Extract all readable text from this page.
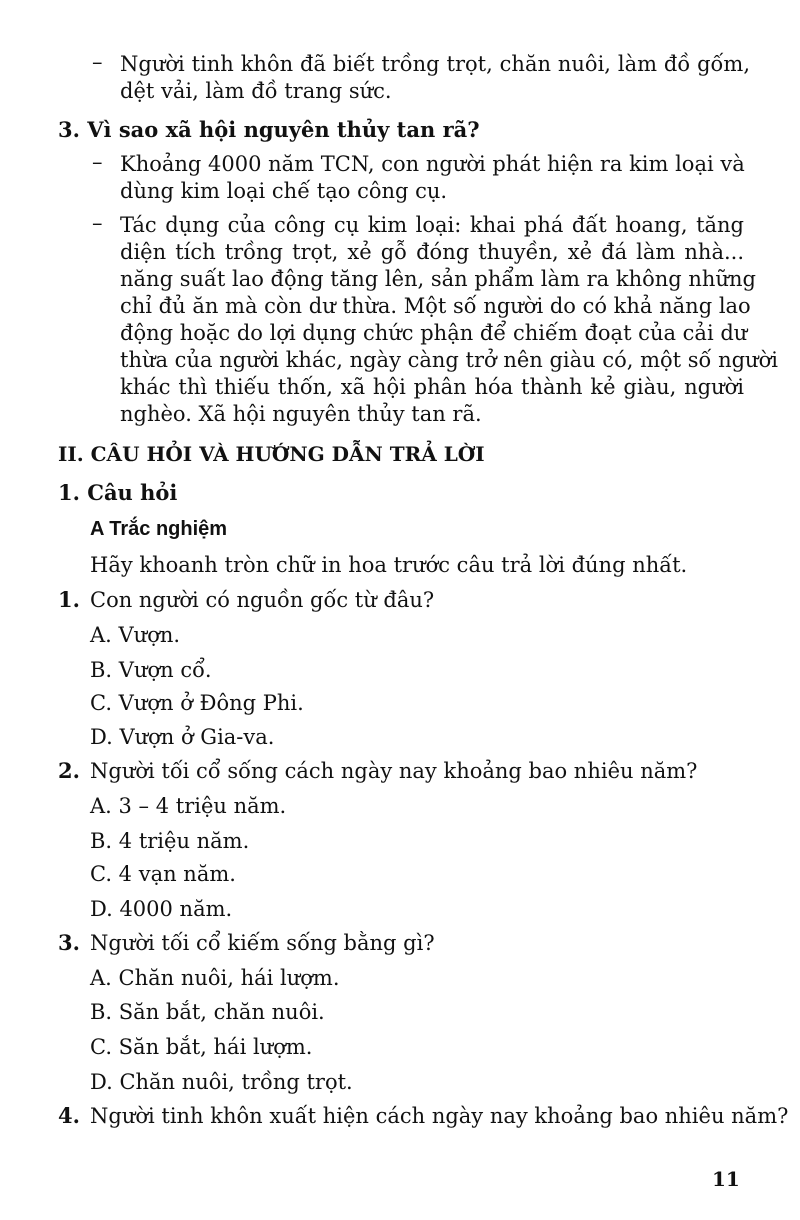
– Người tinh khôn đã biết trồng trọt, chăn nuôi, làm đồ gốm,
dệt vải, làm đồ trang sức.
3. Vì sao xã hội nguyên thủy tan rã?
– Khoảng 4000 năm TCN, con người phát hiện ra kim loại và
dùng kim loại chế tạo công cụ.
– Tác dụng của công cụ kim loại: khai phá đất hoang, tăng
diện tích trồng trọt, xẻ gỗ đóng thuyền, xẻ đá làm nhà...
năng suất lao động tăng lên, sản phẩm làm ra không những
chỉ đủ ăn mà còn dư thừa. Một số người do có khả năng lao
động hoặc do lợi dụng chức phận để chiếm đoạt của cải dư
thừa của người khác, ngày càng trở nên giàu có, một số người
khác thì thiếu thốn, xã hội phân hóa thành kẻ giàu, người
nghèo. Xã hội nguyên thủy tan rã.
II. CÂU HỎI VÀ HƯỚNG DẪN TRẢ LỜI
1. Câu hỏi
A Trắc nghiệm
Hãy khoanh tròn chữ in hoa trước câu trả lời đúng nhất.
1. Con người có nguồn gốc từ đâu?
A. Vượn.
B. Vượn cổ.
C. Vượn ở Đông Phi.
D. Vượn ở Gia-va.
2. Người tối cổ sống cách ngày nay khoảng bao nhiêu năm?
A. 3 – 4 triệu năm.
B. 4 triệu năm.
C. 4 vạn năm.
D. 4000 năm.
3. Người tối cổ kiếm sống bằng gì?
A. Chăn nuôi, hái lượm.
B. Săn bắt, chăn nuôi.
C. Săn bắt, hái lượm.
D. Chăn nuôi, trồng trọt.
4. Người tinh khôn xuất hiện cách ngày nay khoảng bao nhiêu năm?
11
